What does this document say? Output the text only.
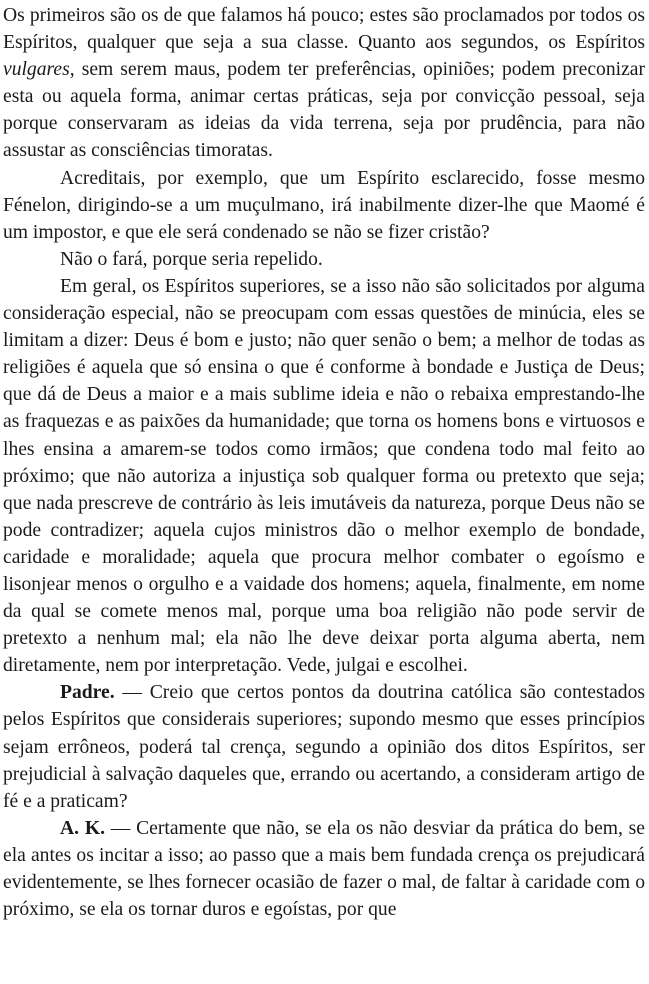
Os primeiros são os de que falamos há pouco; estes são proclamados por todos os Espíritos, qualquer que seja a sua classe. Quanto aos segundos, os Espíritos vulgares, sem serem maus, podem ter preferências, opiniões; podem preconizar esta ou aquela forma, animar certas práticas, seja por convicção pessoal, seja porque conservaram as ideias da vida terrena, seja por prudência, para não assustar as consciências timoratas.

Acreditais, por exemplo, que um Espírito esclarecido, fosse mesmo Fénelon, dirigindo-se a um muçulmano, irá inabilmente dizer-lhe que Maomé é um impostor, e que ele será condenado se não se fizer cristão?

Não o fará, porque seria repelido.

Em geral, os Espíritos superiores, se a isso não são solicitados por alguma consideração especial, não se preocupam com essas questões de minúcia, eles se limitam a dizer: Deus é bom e justo; não quer senão o bem; a melhor de todas as religiões é aquela que só ensina o que é conforme à bondade e Justiça de Deus; que dá de Deus a maior e a mais sublime ideia e não o rebaixa emprestando-lhe as fraquezas e as paixões da humanidade; que torna os homens bons e virtuosos e lhes ensina a amarem-se todos como irmãos; que condena todo mal feito ao próximo; que não autoriza a injustiça sob qualquer forma ou pretexto que seja; que nada prescreve de contrário às leis imutáveis da natureza, porque Deus não se pode contradizer; aquela cujos ministros dão o melhor exemplo de bondade, caridade e moralidade; aquela que procura melhor combater o egoísmo e lisonjear menos o orgulho e a vaidade dos homens; aquela, finalmente, em nome da qual se comete menos mal, porque uma boa religião não pode servir de pretexto a nenhum mal; ela não lhe deve deixar porta alguma aberta, nem diretamente, nem por interpretação. Vede, julgai e escolhei.

Padre. — Creio que certos pontos da doutrina católica são contestados pelos Espíritos que considerais superiores; supondo mesmo que esses princípios sejam errôneos, poderá tal crença, segundo a opinião dos ditos Espíritos, ser prejudicial à salvação daqueles que, errando ou acertando, a consideram artigo de fé e a praticam?

A. K. — Certamente que não, se ela os não desviar da prática do bem, se ela antes os incitar a isso; ao passo que a mais bem fundada crença os prejudicará evidentemente, se lhes fornecer ocasião de fazer o mal, de faltar à caridade com o próximo, se ela os tornar duros e egoístas, por que
